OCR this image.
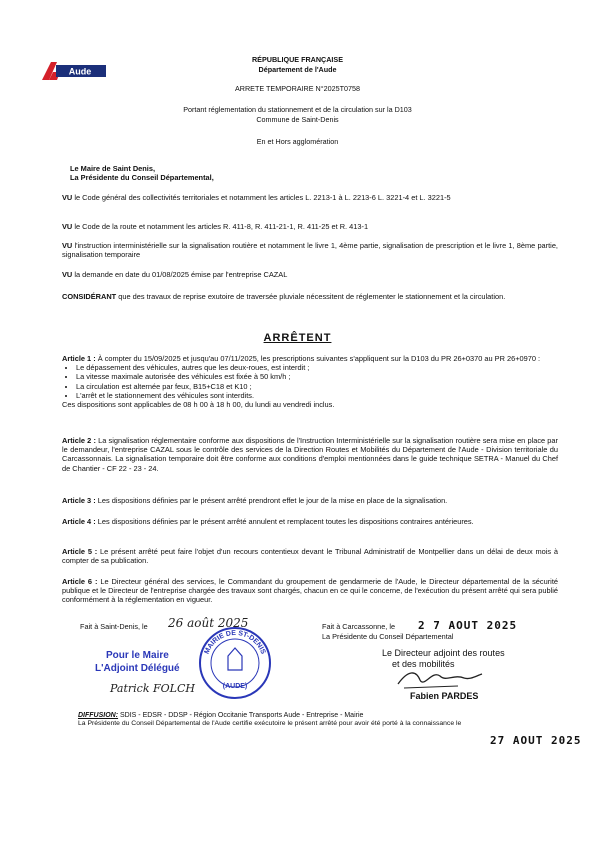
Aude
RÉPUBLIQUE FRANÇAISE
Département de l'Aude
ARRETE TEMPORAIRE N°2025T0758
Portant réglementation du stationnement et de la circulation sur la D103
Commune de Saint-Denis
En et Hors agglomération
Le Maire de Saint Denis,
La Présidente du Conseil Départemental,
VU le Code général des collectivités territoriales et notamment les articles L. 2213-1 à L. 2213-6 L. 3221-4 et L. 3221-5
VU le Code de la route et notamment les articles R. 411-8, R. 411-21-1, R. 411-25 et R. 413-1
VU l'instruction interministérielle sur la signalisation routière et notamment le livre 1, 4ème partie, signalisation de prescription et le livre 1, 8ème partie, signalisation temporaire
VU la demande en date du 01/08/2025 émise par l'entreprise CAZAL
CONSIDÉRANT que des travaux de reprise exutoire de traversée pluviale nécessitent de réglementer le stationnement et la circulation.
ARRÊTENT
Article 1 : À compter du 15/09/2025 et jusqu'au 07/11/2025, les prescriptions suivantes s'appliquent sur la D103 du PR 26+0370 au PR 26+0970 :
• Le dépassement des véhicules, autres que les deux-roues, est interdit ;
• La vitesse maximale autorisée des véhicules est fixée à 50 km/h ;
• La circulation est alternée par feux, B15+C18 et K10 ;
• L'arrêt et le stationnement des véhicules sont interdits.
Ces dispositions sont applicables de 08 h 00 à 18 h 00, du lundi au vendredi inclus.
Article 2 : La signalisation réglementaire conforme aux dispositions de l'Instruction Interministérielle sur la signalisation routière sera mise en place par le demandeur, l'entreprise CAZAL sous le contrôle des services de la Direction Routes et Mobilités du Département de l'Aude - Division territoriale du Carcassonnais. La signalisation temporaire doit être conforme aux conditions d'emploi mentionnées dans le guide technique SETRA - Manuel du Chef de Chantier - CF 22 - 23 - 24.
Article 3 : Les dispositions définies par le présent arrêté prendront effet le jour de la mise en place de la signalisation.
Article 4 : Les dispositions définies par le présent arrêté annulent et remplacent toutes les dispositions contraires antérieures.
Article 5 : Le présent arrêté peut faire l'objet d'un recours contentieux devant le Tribunal Administratif de Montpellier dans un délai de deux mois à compter de sa publication.
Article 6 : Le Directeur général des services, le Commandant du groupement de gendarmerie de l'Aude, le Directeur départemental de la sécurité publique et le Directeur de l'entreprise chargée des travaux sont chargés, chacun en ce qui le concerne, de l'exécution du présent arrêté qui sera publié conformément à la réglementation en vigueur.
Fait à Saint-Denis, le 26 août 2025
Pour le Maire
L'Adjoint Délégué
Patrick FOLCH
MAIRIE DE ST-DENIS
(AUDE)
Fait à Carcassonne, le 2 7 AOUT 2025
La Présidente du Conseil Départemental
Le Directeur adjoint des routes
et des mobilités
Fabien PARDES
DIFFUSION: SDIS - EDSR - DDSP - Région Occitanie Transports Aude - Entreprise - Mairie
La Présidente du Conseil Départemental de l'Aude certifie exécutoire le présent arrêté pour avoir été porté à la connaissance le
27 AOUT 2025
